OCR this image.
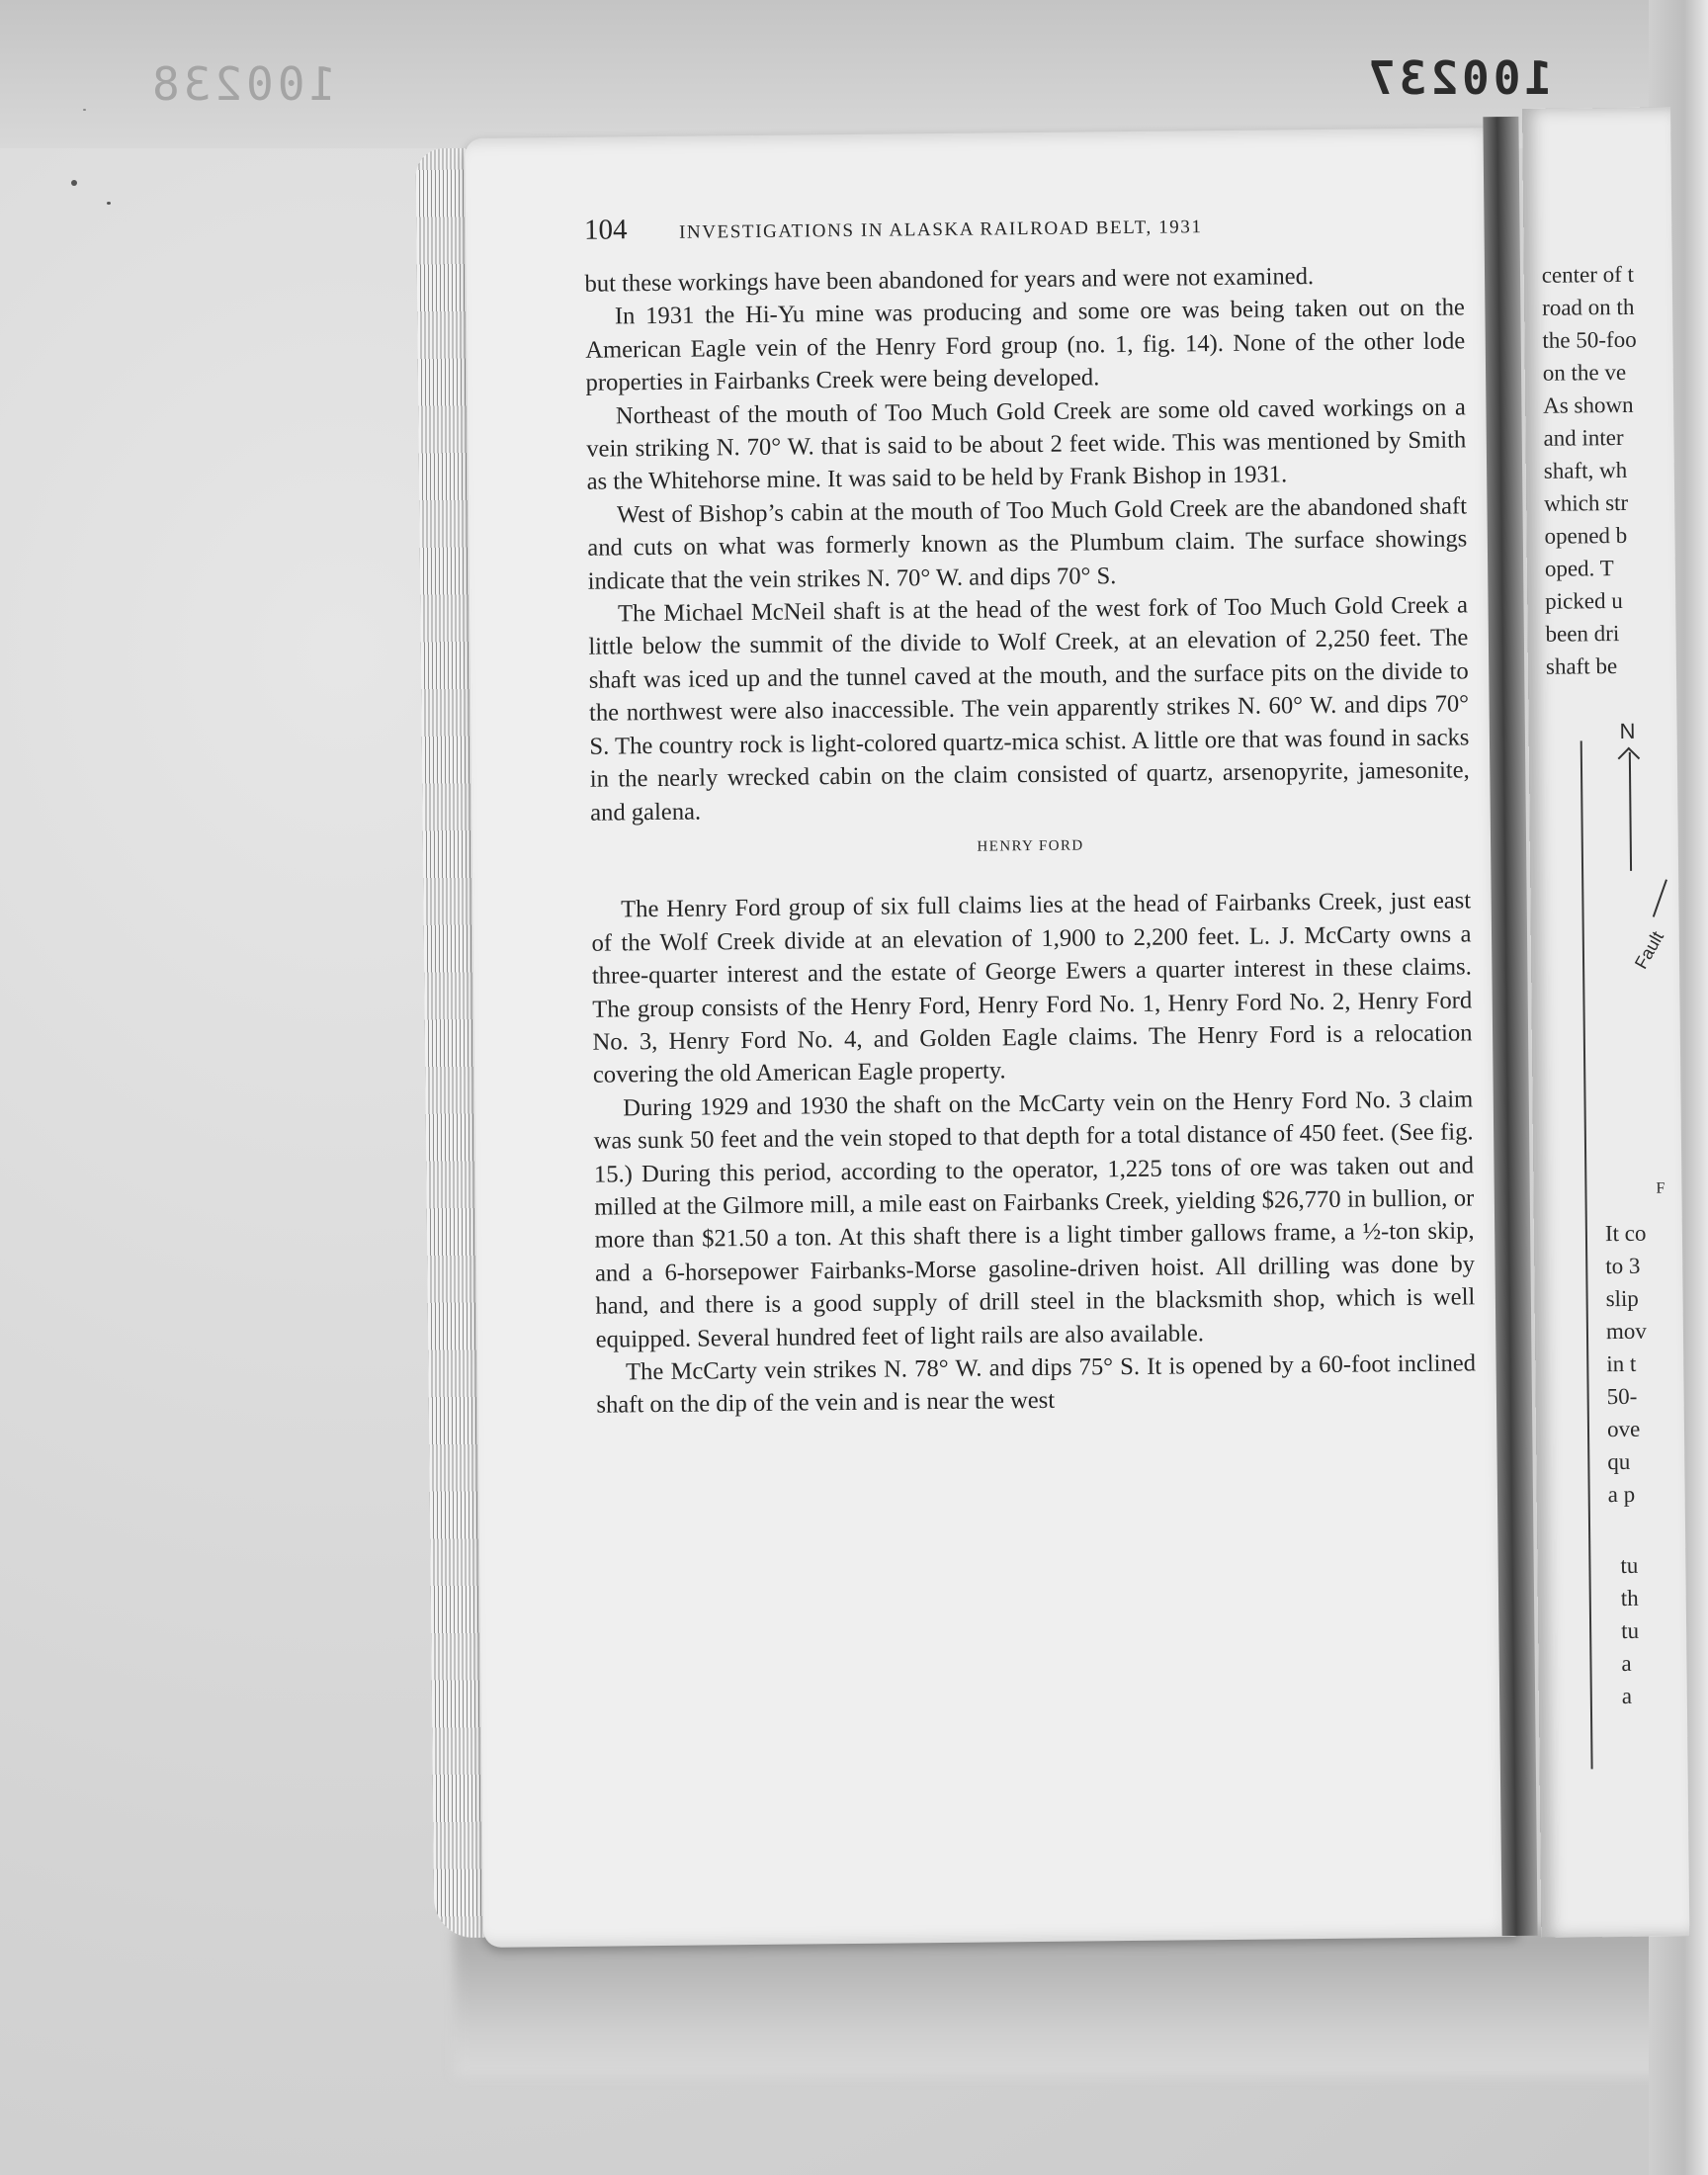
100238	100237
104	INVESTIGATIONS IN ALASKA RAILROAD BELT, 1931

but these workings have been abandoned for years and were not examined.

In 1931 the Hi-Yu mine was producing and some ore was being taken out on the American Eagle vein of the Henry Ford group (no. 1, fig. 14). None of the other lode properties in Fairbanks Creek were being developed.

Northeast of the mouth of Too Much Gold Creek are some old caved workings on a vein striking N. 70° W. that is said to be about 2 feet wide. This was mentioned by Smith as the Whitehorse mine. It was said to be held by Frank Bishop in 1931.

West of Bishop’s cabin at the mouth of Too Much Gold Creek are the abandoned shaft and cuts on what was formerly known as the Plumbum claim. The surface showings indicate that the vein strikes N. 70° W. and dips 70° S.

The Michael McNeil shaft is at the head of the west fork of Too Much Gold Creek a little below the summit of the divide to Wolf Creek, at an elevation of 2,250 feet. The shaft was iced up and the tunnel caved at the mouth, and the surface pits on the divide to the northwest were also inaccessible. The vein apparently strikes N. 60° W. and dips 70° S. The country rock is light-colored quartz-mica schist. A little ore that was found in sacks in the nearly wrecked cabin on the claim consisted of quartz, arsenopyrite, jamesonite, and galena.

HENRY FORD

The Henry Ford group of six full claims lies at the head of Fairbanks Creek, just east of the Wolf Creek divide at an elevation of 1,900 to 2,200 feet. L. J. McCarty owns a three-quarter interest and the estate of George Ewers a quarter interest in these claims. The group consists of the Henry Ford, Henry Ford No. 1, Henry Ford No. 2, Henry Ford No. 3, Henry Ford No. 4, and Golden Eagle claims. The Henry Ford is a relocation covering the old American Eagle property.

During 1929 and 1930 the shaft on the McCarty vein on the Henry Ford No. 3 claim was sunk 50 feet and the vein stoped to that depth for a total distance of 450 feet. (See fig. 15.) During this period, according to the operator, 1,225 tons of ore was taken out and milled at the Gilmore mill, a mile east on Fairbanks Creek, yielding $26,770 in bullion, or more than $21.50 a ton. At this shaft there is a light timber gallows frame, a ½-ton skip, and a 6-horsepower Fairbanks-Morse gasoline-driven hoist. All drilling was done by hand, and there is a good supply of drill steel in the blacksmith shop, which is well equipped. Several hundred feet of light rails are also available.

The McCarty vein strikes N. 78° W. and dips 75° S. It is opened by a 60-foot inclined shaft on the dip of the vein and is near the west

center of t
road on th
the 50-foo
on the ve
As shown
and inter
shaft, wh
which str
opened b
oped. T
picked u
been dri
shaft be
N
Fault
F
It co
to 3
slip
mov
in t
50-
ove
qu
a p
tu
th
tu
a
a
